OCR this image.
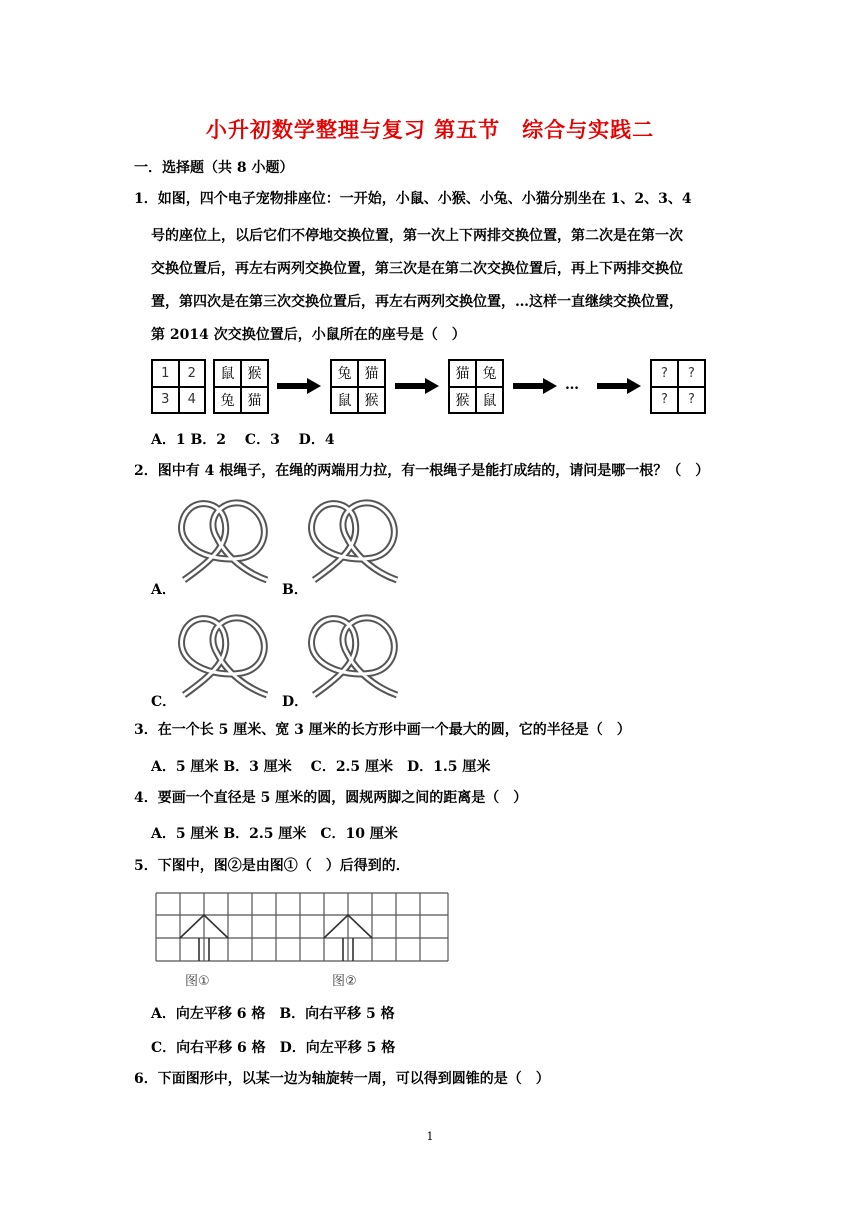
小升初数学整理与复习 第五节　综合与实践二
一．选择题（共 8 小题）
1．如图，四个电子宠物排座位：一开始，小鼠、小猴、小兔、小猫分别坐在 1、2、3、4
号的座位上，以后它们不停地交换位置，第一次上下两排交换位置，第二次是在第一次
交换位置后，再左右两列交换位置，第三次是在第二次交换位置后，再上下两排交换位
置，第四次是在第三次交换位置后，再左右两列交换位置，…这样一直继续交换位置，
第 2014 次交换位置后，小鼠所在的座号是（　）
1	2
3	4
鼠 猴
兔 猫
兔 猫
鼠 猴
猫 兔
猴 鼠
…
?	?
?	?
A．1 B．2　 C．3　 D．4
2．图中有 4 根绳子，在绳的两端用力拉，有一根绳子是能打成结的，请问是哪一根？（　）
A．	B．
C．	D．
3．在一个长 5 厘米、宽 3 厘米的长方形中画一个最大的圆，它的半径是（　）
A．5 厘米 B．3 厘米　 C．2.5 厘米　D．1.5 厘米
4．要画一个直径是 5 厘米的圆，圆规两脚之间的距离是（　）
A．5 厘米 B．2.5 厘米　C．10 厘米
5．下图中，图②是由图①（　）后得到的．
图①	图②
A．向左平移 6 格　B．向右平移 5 格
C．向右平移 6 格　D．向左平移 5 格
6．下面图形中，以某一边为轴旋转一周，可以得到圆锥的是（　）
1
